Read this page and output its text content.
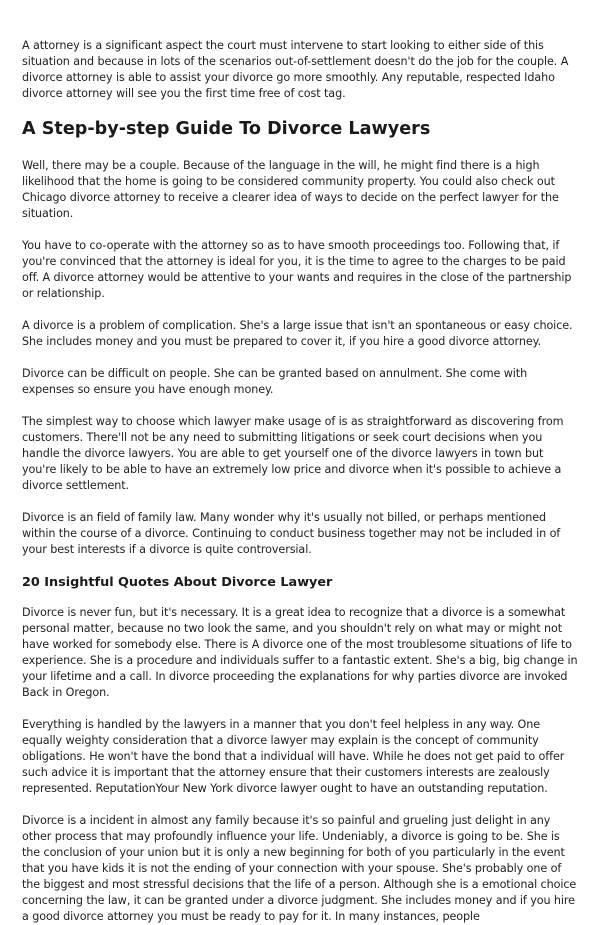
A attorney is a significant aspect the court must intervene to start looking to either side of this situation and because in lots of the scenarios out-of-settlement doesn't do the job for the couple. A divorce attorney is able to assist your divorce go more smoothly. Any reputable, respected Idaho divorce attorney will see you the first time free of cost tag.

A Step-by-step Guide To Divorce Lawyers

Well, there may be a couple. Because of the language in the will, he might find there is a high likelihood that the home is going to be considered community property. You could also check out Chicago divorce attorney to receive a clearer idea of ways to decide on the perfect lawyer for the situation.

You have to co-operate with the attorney so as to have smooth proceedings too. Following that, if you're convinced that the attorney is ideal for you, it is the time to agree to the charges to be paid off. A divorce attorney would be attentive to your wants and requires in the close of the partnership or relationship.

A divorce is a problem of complication. She's a large issue that isn't an spontaneous or easy choice. She includes money and you must be prepared to cover it, if you hire a good divorce attorney.

Divorce can be difficult on people. She can be granted based on annulment. She come with expenses so ensure you have enough money.

The simplest way to choose which lawyer make usage of is as straightforward as discovering from customers. There'll not be any need to submitting litigations or seek court decisions when you handle the divorce lawyers. You are able to get yourself one of the divorce lawyers in town but you're likely to be able to have an extremely low price and divorce when it's possible to achieve a divorce settlement.

Divorce is an field of family law. Many wonder why it's usually not billed, or perhaps mentioned within the course of a divorce. Continuing to conduct business together may not be included in of your best interests if a divorce is quite controversial.

20 Insightful Quotes About Divorce Lawyer

Divorce is never fun, but it's necessary. It is a great idea to recognize that a divorce is a somewhat personal matter, because no two look the same, and you shouldn't rely on what may or might not have worked for somebody else. There is A divorce one of the most troublesome situations of life to experience. She is a procedure and individuals suffer to a fantastic extent. She's a big, big change in your lifetime and a call. In divorce proceeding the explanations for why parties divorce are invoked Back in Oregon.

Everything is handled by the lawyers in a manner that you don't feel helpless in any way. One equally weighty consideration that a divorce lawyer may explain is the concept of community obligations. He won't have the bond that a individual will have. While he does not get paid to offer such advice it is important that the attorney ensure that their customers interests are zealously represented. ReputationYour New York divorce lawyer ought to have an outstanding reputation.

Divorce is a incident in almost any family because it's so painful and grueling just delight in any other process that may profoundly influence your life. Undeniably, a divorce is going to be. She is the conclusion of your union but it is only a new beginning for both of you particularly in the event that you have kids it is not the ending of your connection with your spouse. She's probably one of the biggest and most stressful decisions that the life of a person. Although she is a emotional choice concerning the law, it can be granted under a divorce judgment. She includes money and if you hire a good divorce attorney you must be ready to pay for it. In many instances, people
